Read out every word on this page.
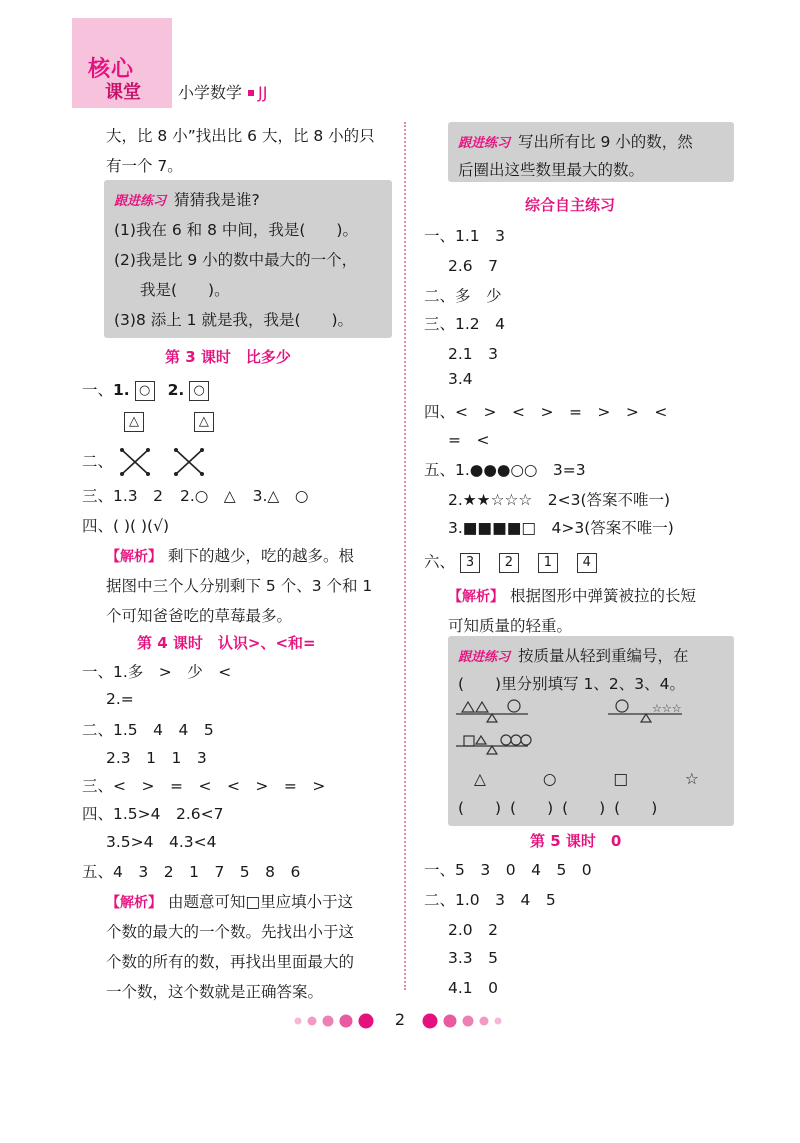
核心
课堂 小学数学 JJ
大，比 8 小”找出比 6 大，比 8 小的只
有一个 7。
跟进练习 猜猜我是谁?
(1)我在 6 和 8 中间，我是(　　)。
(2)我是比 9 小的数中最大的一个，
我是(　　)。
(3)8 添上 1 就是我，我是(　　)。
第 3 课时　比多少
一、1. ○ 2. ○
△	△
二、
三、1.3　2 2.○　△ 3.△　○
四、( )( )(√)
【解析】 剩下的越少，吃的越多。根
据图中三个人分别剩下 5 个、3 个和 1
个可知爸爸吃的草莓最多。
第 4 课时　认识>、<和=
一、1.多　>　少　<
2.=
二、1.5　4　4　5
2.3　1　1　3
三、<　>　=　<　<　>　=　>
四、1.5>4　2.6<7
3.5>4　4.3<4
五、4　3　2　1　7　5　8　6
【解析】 由题意可知□里应填小于这
个数的最大的一个数。先找出小于这
个数的所有的数，再找出里面最大的
一个数，这个数就是正确答案。
跟进练习 写出所有比 9 小的数，然
后圈出这些数里最大的数。
综合自主练习
一、1.1　3
2.6　7
二、多　少
三、1.2　4
2.1　3
3.4
四、<　>　<　>　=　>　>　<
=　<
五、1.●●●○○　3=3
2.★★☆☆☆　2<3(答案不唯一)
3.■■■■□　4>3(答案不唯一)
六、 3 2 1 4
【解析】 根据图形中弹簧被拉的长短
可知质量的轻重。
跟进练习 按质量从轻到重编号，在
(　　)里分别填写 1、2、3、4。
☆☆☆
△	○	□	☆
(　　) (　　) (　　) (　　)
第 5 课时　0
一、5　3　0　4　5　0
二、1.0　3　4　5
2.0　2
3.3　5
4.1　0
2
